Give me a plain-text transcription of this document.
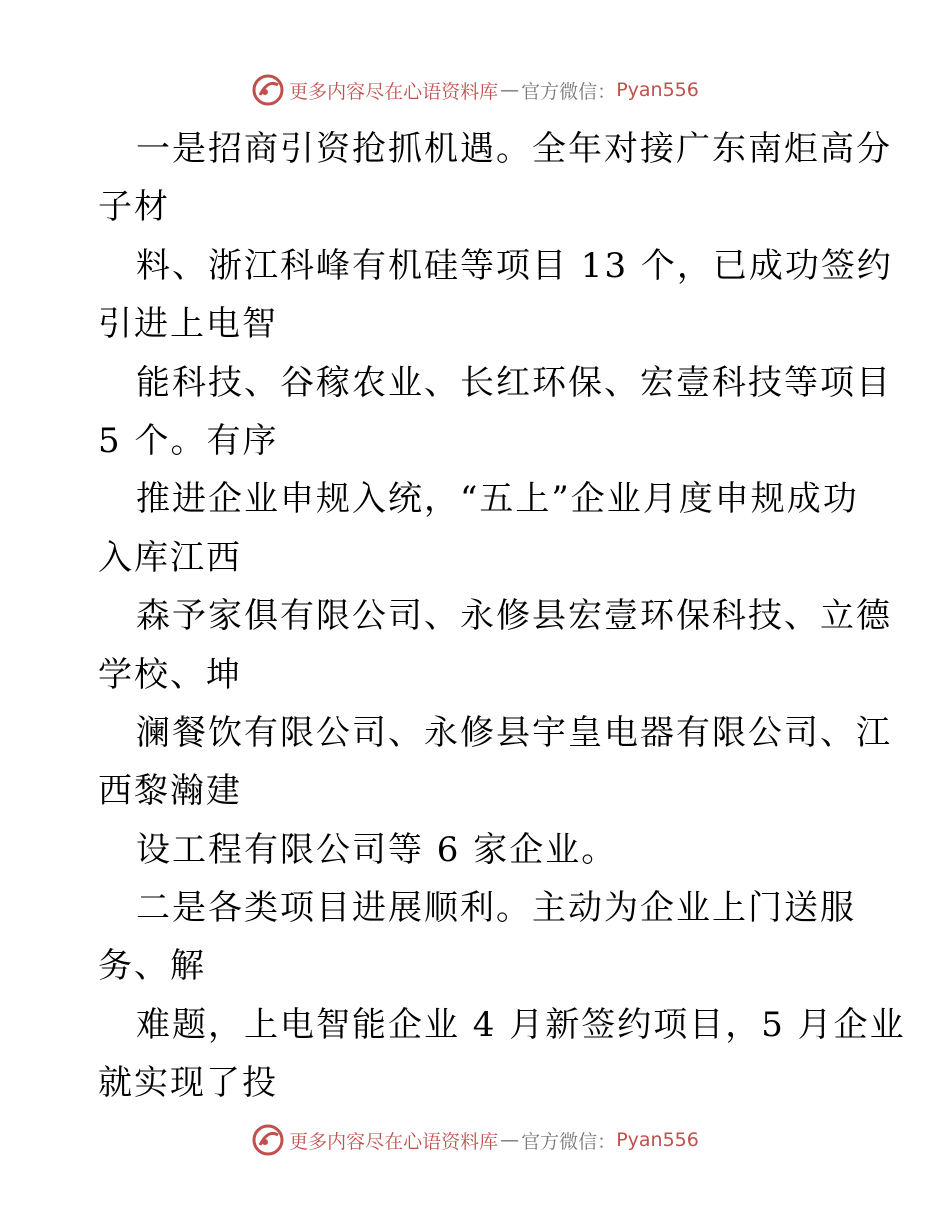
更多内容尽在心语资料库 — 官方微信： Pyan556
一是招商引资抢抓机遇。全年对接广东南炬高分
子材
料、浙江科峰有机硅等项目 13 个，已成功签约
引进上电智
能科技、谷稼农业、长红环保、宏壹科技等项目
5 个。有序
推进企业申规入统，“五上”企业月度申规成功
入库江西
森予家俱有限公司、永修县宏壹环保科技、立德
学校、坤
澜餐饮有限公司、永修县宇皇电器有限公司、江
西黎瀚建
设工程有限公司等 6 家企业。
二是各类项目进展顺利。主动为企业上门送服
务、解
难题，上电智能企业 4 月新签约项目，5 月企业
就实现了投
更多内容尽在心语资料库 — 官方微信： Pyan556
